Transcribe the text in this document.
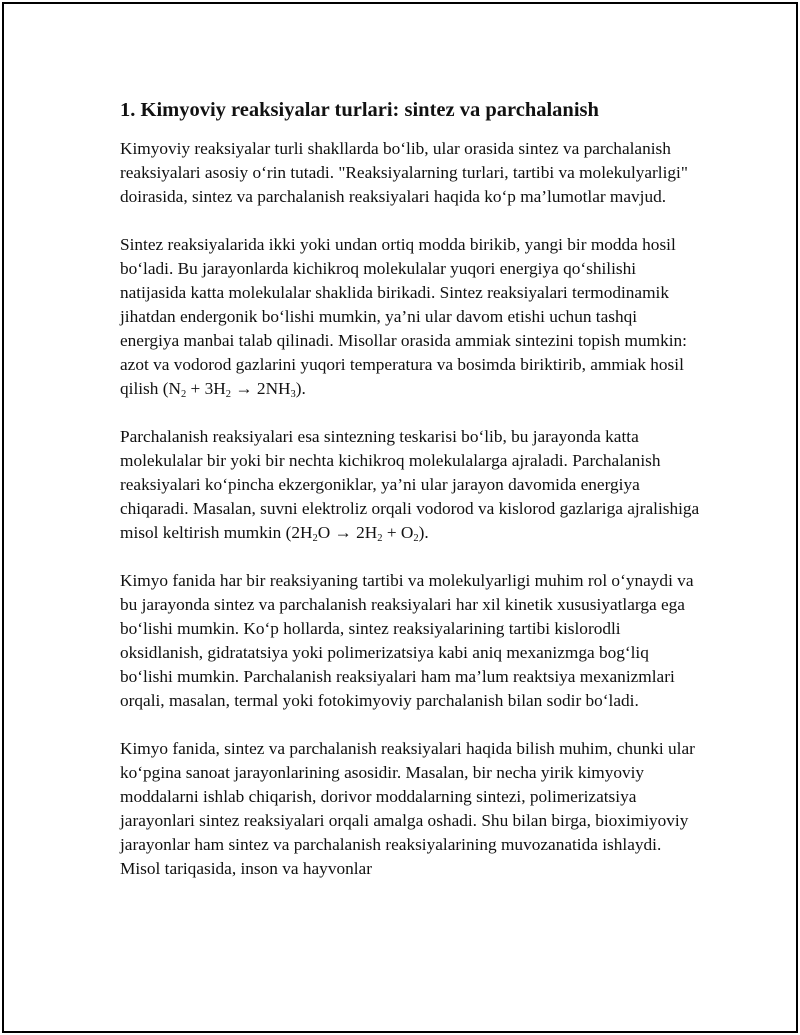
1. Kimyoviy reaksiyalar turlari: sintez va parchalanish

Kimyoviy reaksiyalar turli shakllarda bo‘lib, ular orasida sintez va parchalanish reaksiyalari asosiy o‘rin tutadi. "Reaksiyalarning turlari, tartibi va molekulyarligi" doirasida, sintez va parchalanish reaksiyalari haqida ko‘p ma’lumotlar mavjud.

Sintez reaksiyalarida ikki yoki undan ortiq modda birikib, yangi bir modda hosil bo‘ladi. Bu jarayonlarda kichikroq molekulalar yuqori energiya qo‘shilishi natijasida katta molekulalar shaklida birikadi. Sintez reaksiyalari termodinamik jihatdan endergonik bo‘lishi mumkin, ya’ni ular davom etishi uchun tashqi energiya manbai talab qilinadi. Misollar orasida ammiak sintezini topish mumkin: azot va vodorod gazlarini yuqori temperatura va bosimda biriktirib, ammiak hosil qilish $(N_2 + 3H_2 \to 2NH_3)$.

Parchalanish reaksiyalari esa sintezning teskarisi bo‘lib, bu jarayonda katta molekulalar bir yoki bir nechta kichikroq molekulalarga ajraladi. Parchalanish reaksiyalari ko‘pincha ekzergoniklar, ya’ni ular jarayon davomida energiya chiqaradi. Masalan, suvni elektroliz orqali vodorod va kislorod gazlariga ajralishiga misol keltirish mumkin $(2H_2O \to 2H_2 + O_2)$.

Kimyo fanida har bir reaksiyaning tartibi va molekulyarligi muhim rol o‘ynaydi va bu jarayonda sintez va parchalanish reaksiyalari har xil kinetik xususiyatlarga ega bo‘lishi mumkin. Ko‘p hollarda, sintez reaksiyalarining tartibi kislorodli oksidlanish, gidratatsiya yoki polimerizatsiya kabi aniq mexanizmga bog‘liq bo‘lishi mumkin. Parchalanish reaksiyalari ham ma’lum reaktsiya mexanizmlari orqali, masalan, termal yoki fotokimyoviy parchalanish bilan sodir bo‘ladi.

Kimyo fanida, sintez va parchalanish reaksiyalari haqida bilish muhim, chunki ular ko‘pgina sanoat jarayonlarining asosidir. Masalan, bir necha yirik kimyoviy moddalarni ishlab chiqarish, dorivor moddalarning sintezi, polimerizatsiya jarayonlari sintez reaksiyalari orqali amalga oshadi. Shu bilan birga, bioximiyoviy jarayonlar ham sintez va parchalanish reaksiyalarining muvozanatida ishlaydi. Misol tariqasida, inson va hayvonlar
